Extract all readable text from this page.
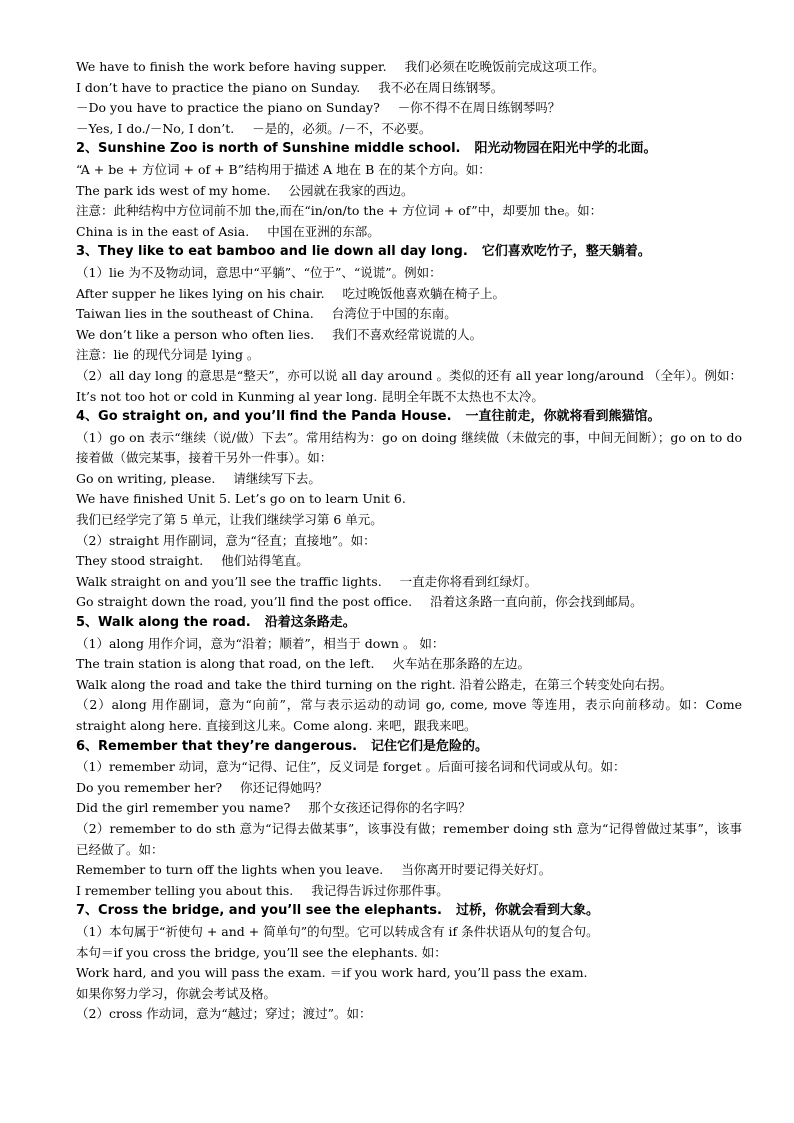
We have to finish the work before having supper. 我们必须在吃晚饭前完成这项工作。
I don’t have to practice the piano on Sunday. 我不必在周日练钢琴。
－Do you have to practice the piano on Sunday? －你不得不在周日练钢琴吗？
－Yes, I do./－No, I don’t. －是的，必须。/－不，不必要。
2、Sunshine Zoo is north of Sunshine middle school. 阳光动物园在阳光中学的北面。
“A + be + 方位词 + of + B”结构用于描述 A 地在 B 在的某个方向。如：
The park ids west of my home. 公园就在我家的西边。
注意：此种结构中方位词前不加 the,而在“in/on/to the + 方位词 + of”中，却要加 the。如：
China is in the east of Asia. 中国在亚洲的东部。
3、They like to eat bamboo and lie down all day long. 它们喜欢吃竹子，整天躺着。
（1）lie 为不及物动词，意思中“平躺”、“位于”、“说谎”。例如：
After supper he likes lying on his chair. 吃过晚饭他喜欢躺在椅子上。
Taiwan lies in the southeast of China. 台湾位于中国的东南。
We don’t like a person who often lies. 我们不喜欢经常说谎的人。
注意：lie 的现代分词是 lying 。
（2）all day long 的意思是“整天”，亦可以说 all day around 。类似的还有 all year long/around （全年）。例如：It’s not too hot or cold in Kunming al year long. 昆明全年既不太热也不太冷。
4、Go straight on, and you’ll find the Panda House. 一直往前走，你就将看到熊猫馆。
（1）go on 表示“继续（说/做）下去”。常用结构为：go on doing 继续做（未做完的事，中间无间断）；go on to do 接着做（做完某事，接着干另外一件事）。如：
Go on writing, please. 请继续写下去。
We have finished Unit 5. Let’s go on to learn Unit 6.
我们已经学完了第 5 单元，让我们继续学习第 6 单元。
（2）straight 用作副词，意为“径直；直接地”。如：
They stood straight. 他们站得笔直。
Walk straight on and you’ll see the traffic lights. 一直走你将看到红绿灯。
Go straight down the road, you’ll find the post office. 沿着这条路一直向前，你会找到邮局。
5、Walk along the road. 沿着这条路走。
（1）along 用作介词，意为“沿着；顺着”，相当于 down 。 如：
The train station is along that road, on the left. 火车站在那条路的左边。
Walk along the road and take the third turning on the right. 沿着公路走，在第三个转变处向右拐。
（2）along 用作副词，意为“向前”，常与表示运动的动词 go, come, move 等连用，表示向前移动。如：Come straight along here. 直接到这儿来。Come along. 来吧，跟我来吧。
6、Remember that they’re dangerous. 记住它们是危险的。
（1）remember 动词，意为“记得、记住”，反义词是 forget 。后面可接名词和代词或从句。如：
Do you remember her? 你还记得她吗？
Did the girl remember you name? 那个女孩还记得你的名字吗？
（2）remember to do sth 意为“记得去做某事”，该事没有做；remember doing sth 意为“记得曾做过某事”，该事已经做了。如：
Remember to turn off the lights when you leave. 当你离开时要记得关好灯。
I remember telling you about this. 我记得告诉过你那件事。
7、Cross the bridge, and you’ll see the elephants. 过桥，你就会看到大象。
（1）本句属于“祈使句 + and + 简单句”的句型。它可以转成含有 if 条件状语从句的复合句。
本句＝if you cross the bridge, you’ll see the elephants. 如：
Work hard, and you will pass the exam. ＝if you work hard, you’ll pass the exam.
如果你努力学习，你就会考试及格。
（2）cross 作动词，意为“越过；穿过；渡过”。如：
